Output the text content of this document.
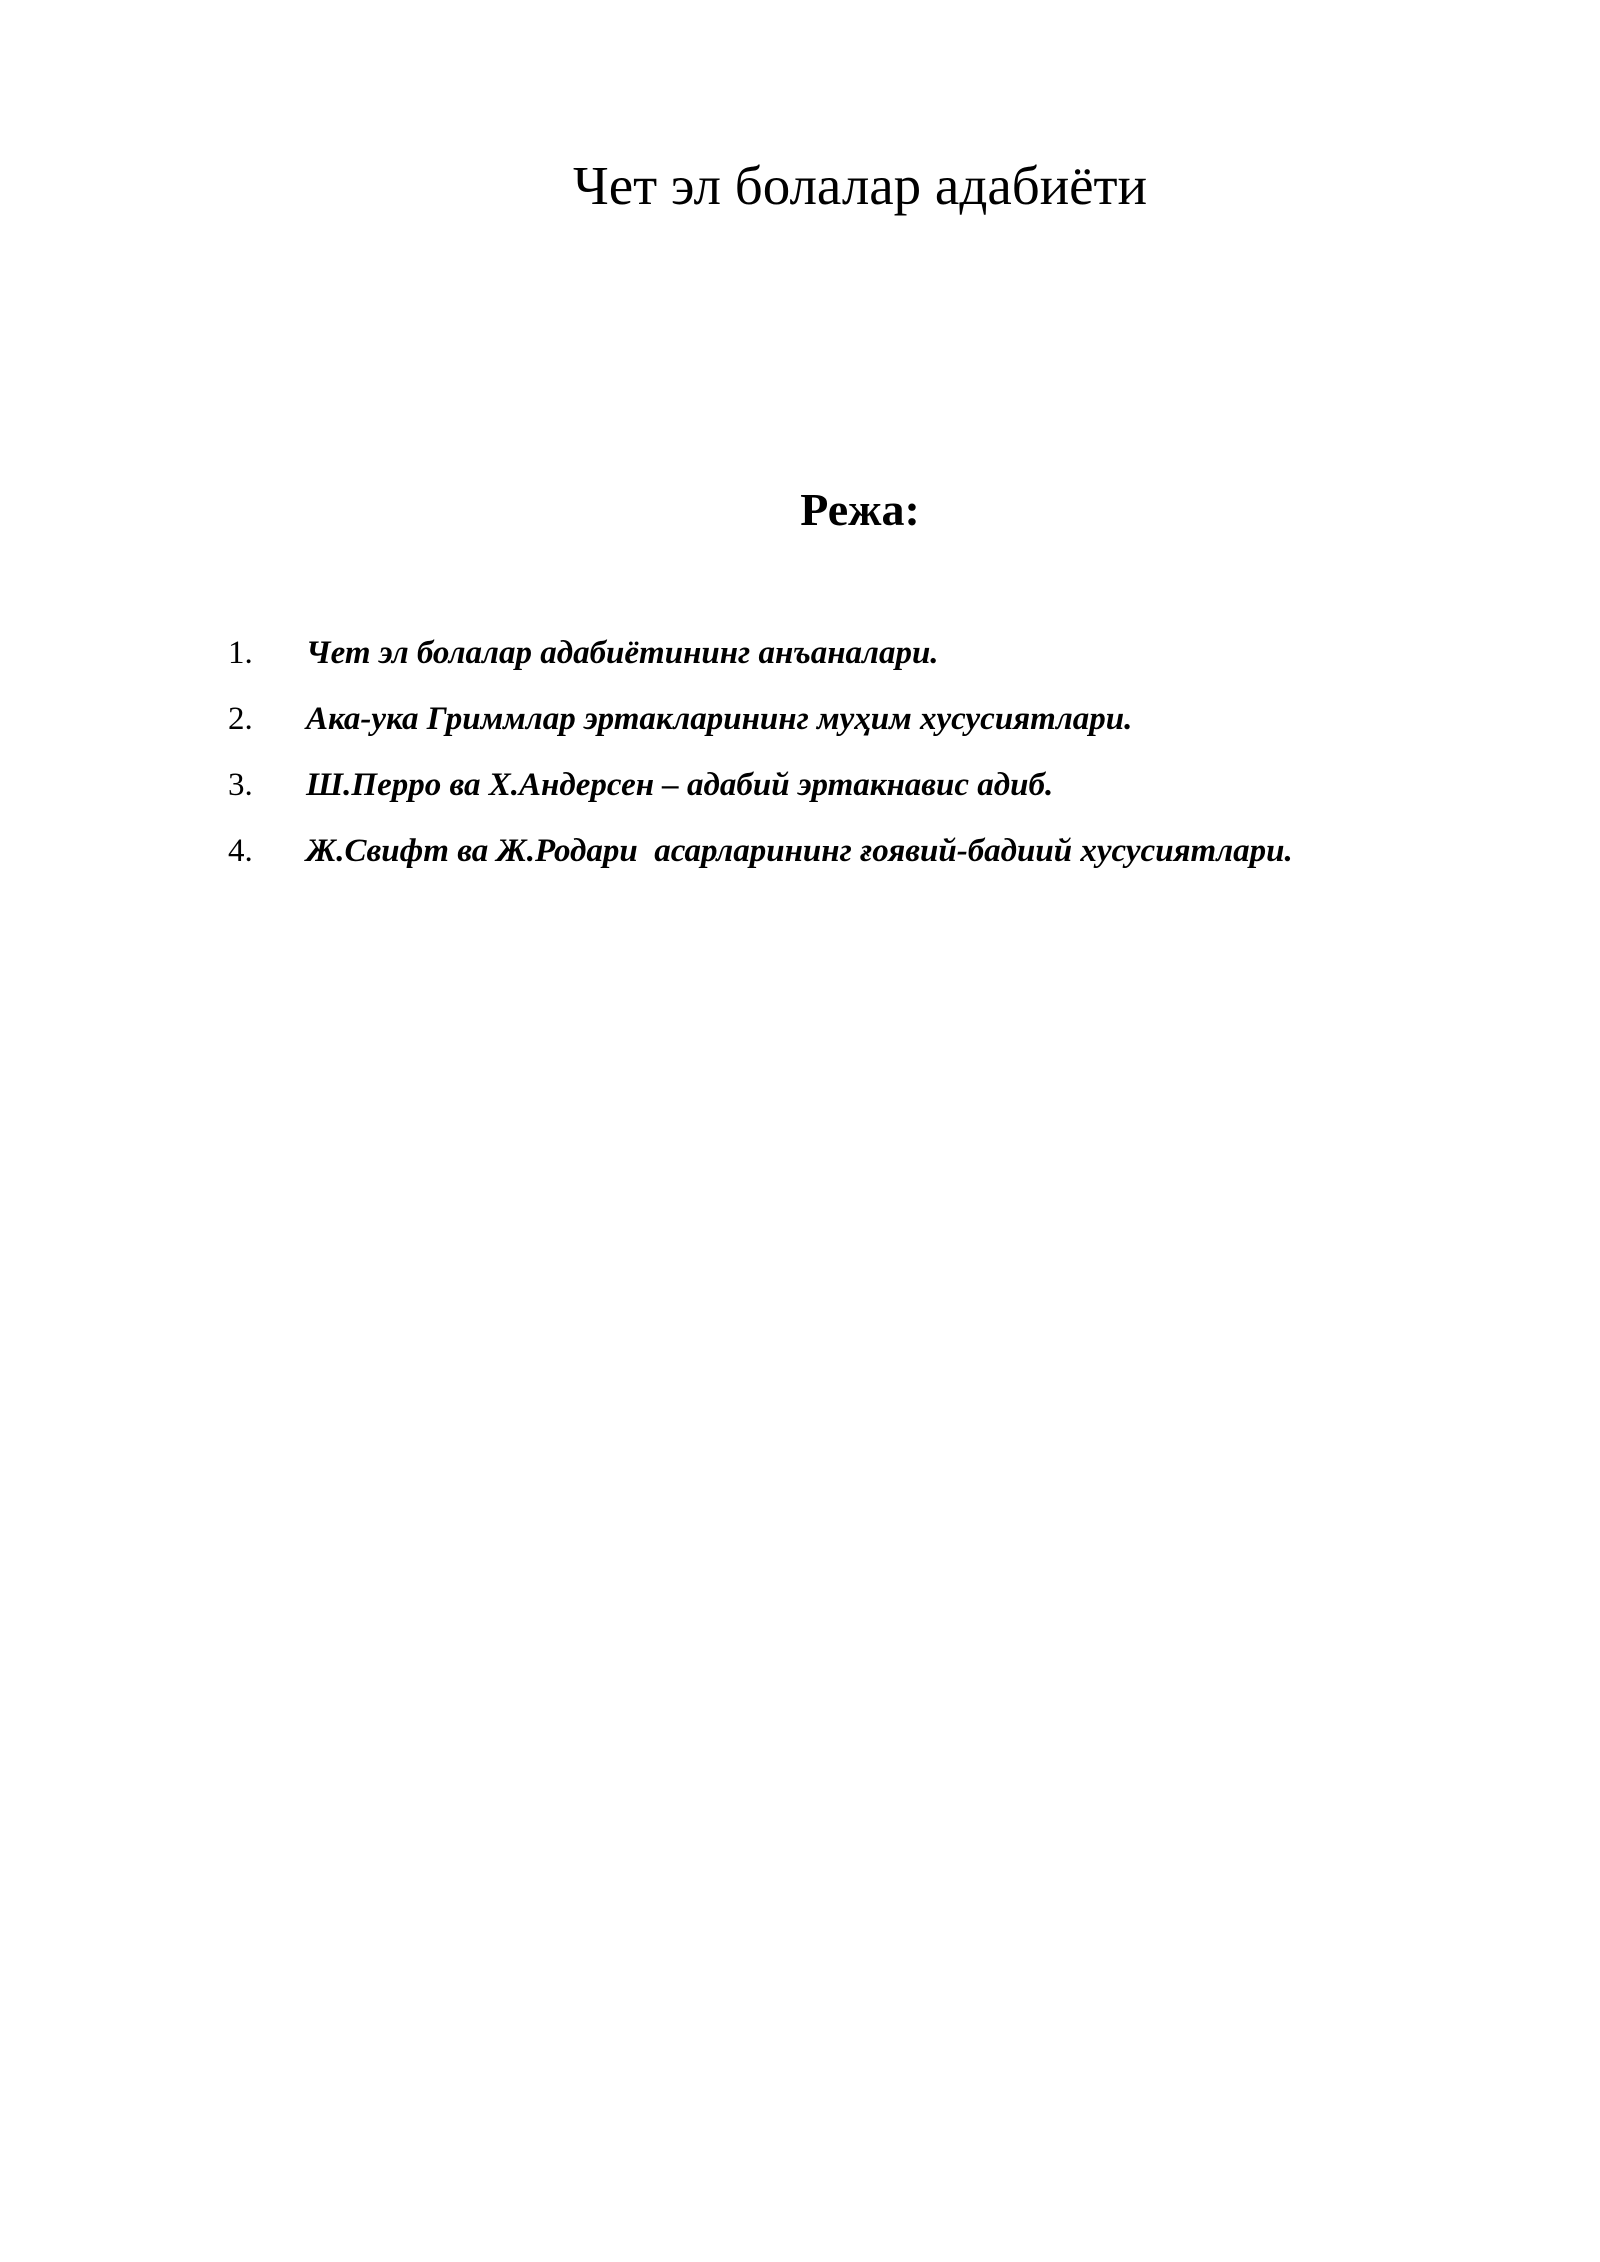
Чет эл болалар адабиёти
Режа:
1. Чет эл болалар адабиётининг анъаналари.
2. Ака-ука Гриммлар эртакларининг муҳим хусусиятлари.
3. Ш.Перро ва Х.Андерсен – адабий эртакнавис адиб.
4. Ж.Свифт ва Ж.Родари  асарларининг ғоявий-бадиий хусусиятлари.
